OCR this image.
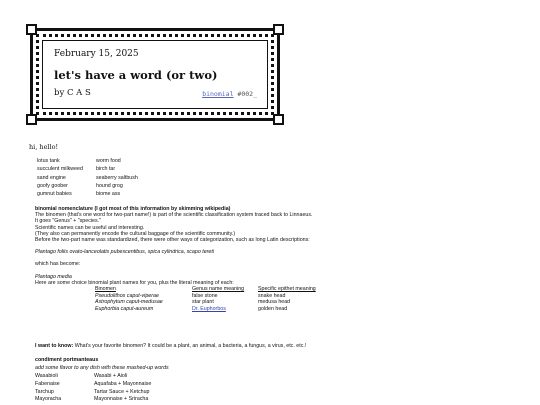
February 15, 2025
let's have a word (or two)
by C A S	binomial #002_
hi, hello!
lotus tank	worm food
succulent milkweed	birch tar
sand engine	seaberry saltbush
goofy goober	hound grog
gumnut babies	biome ass
binomial nomenclature (I got most of this information by skimming wikipedia)
The binomen (that's one word for two-part name!) is part of the scientific classification system traced back to Linnaeus.
It goes "Genus" + "species."
Scientific names can be useful and interesting.
(They also can permanently encode the cultural baggage of the scientific community.)
Before the two-part name was standardized, there were other ways of categorization, such as long Latin descriptions:
Plantago foliis ovato-lanceolatis pubescentibus, spica cylindrica, scapo tereti
which has become:
Plantago media
Here are some choice binomial plant names for you, plus the literal meaning of each:
Binomen	Genus name meaning	Specific epithet meaning
Pseudolithos caput-viperae	false stone	snake head
Astrophytum caput-medusae	star plant	medusa head
Euphorbia caput-aureum	Dr. Euphorbos	golden head
I want to know: What's your favorite binomen? It could be a plant, an animal, a bacteria, a fungus, a virus, etc. etc.!
condiment portmanteaus
add some flavor to any dish with these mashed-up words
Wasabioli	Wasabi + Aioli
Fabenaise	Aquafaba + Mayonnaise
Tarchup	Tartar Sauce + Ketchup
Mayoracha	Mayonnaise + Sriracha
